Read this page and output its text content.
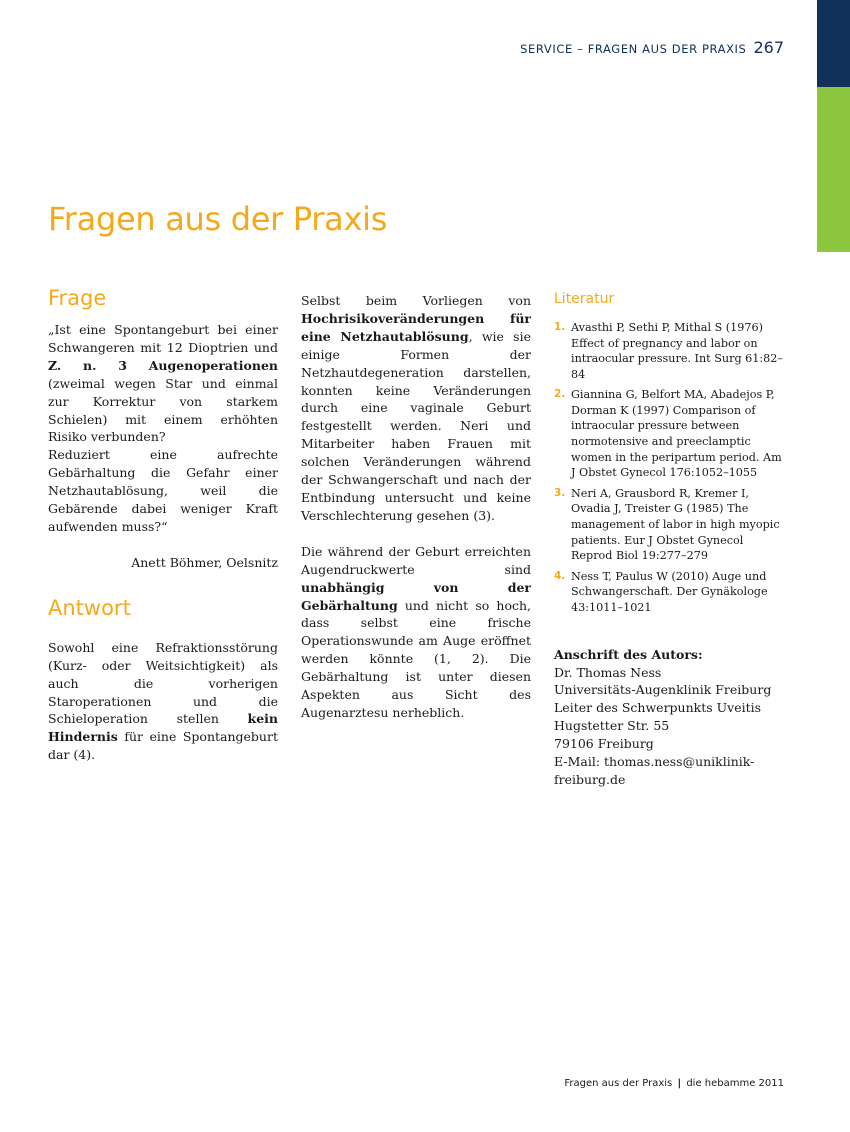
SERVICE – FRAGEN AUS DER PRAXIS 267
Fragen aus der Praxis
Frage

„Ist eine Spontangeburt bei einer Schwangeren mit 12 Dioptrien und Z. n. 3 Augenoperationen (zweimal wegen Star und einmal zur Korrektur von starkem Schielen) mit einem erhöhten Risiko verbunden?

Reduziert eine aufrechte Gebärhaltung die Gefahr einer Netzhautablösung, weil die Gebärende dabei weniger Kraft aufwenden muss?“

Anett Böhmer, Oelsnitz

Antwort

Sowohl eine Refraktionsstörung (Kurz- oder Weitsichtigkeit) als auch die vorherigen Staroperationen und die Schieloperation stellen kein Hindernis für eine Spontangeburt dar (4).

Selbst beim Vorliegen von Hochrisikoveränderungen für eine Netzhautablösung, wie sie einige Formen der Netzhautdegeneration darstellen, konnten keine Veränderungen durch eine vaginale Geburt festgestellt werden. Neri und Mitarbeiter haben Frauen mit solchen Veränderungen während der Schwangerschaft und nach der Entbindung untersucht und keine Verschlechterung gesehen (3).

Die während der Geburt erreichten Augendruckwerte sind unabhängig von der Gebärhaltung und nicht so hoch, dass selbst eine frische Operationswunde am Auge eröffnet werden könnte (1, 2). Die Gebärhaltung ist unter diesen Aspekten aus Sicht des Augenarztesu nerheblich.

Literatur
1. Avasthi P, Sethi P, Mithal S (1976) Effect of pregnancy and labor on intraocular pressure. Int Surg 61:82–84
2. Giannina G, Belfort MA, Abadejos P, Dorman K (1997) Comparison of intraocular pressure between normotensive and preeclamptic women in the peripartum period. Am J Obstet Gynecol 176:1052–1055
3. Neri A, Grausbord R, Kremer I, Ovadia J, Treister G (1985) The management of labor in high myopic patients. Eur J Obstet Gynecol Reprod Biol 19:277–279
4. Ness T, Paulus W (2010) Auge und Schwangerschaft. Der Gynäkologe 43:1011–1021
Anschrift des Autors:
Dr. Thomas Ness
Universitäts-Augenklinik Freiburg
Leiter des Schwerpunkts Uveitis
Hugstetter Str. 55
79106 Freiburg
E-Mail: thomas.ness@uniklinik-
freiburg.de
Fragen aus der Praxis | die hebamme 2011
